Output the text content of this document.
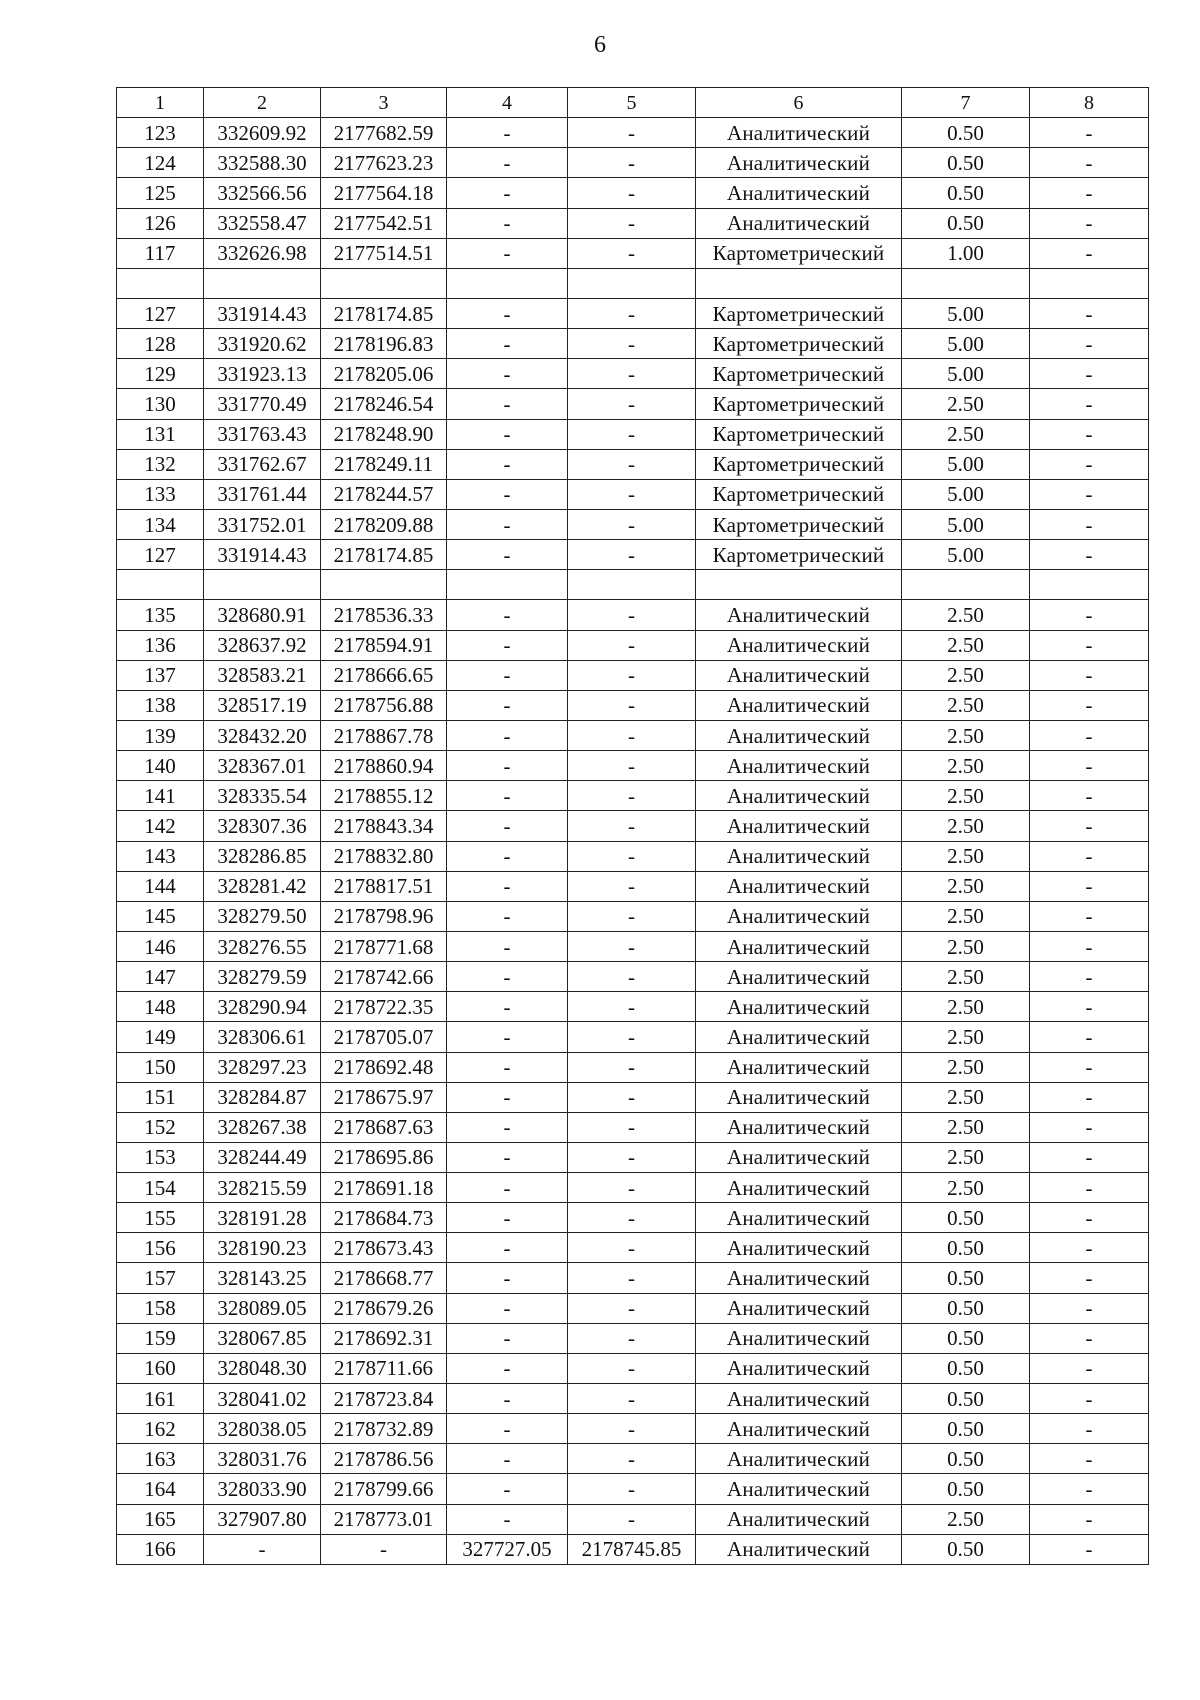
6
1	2	3	4	5	6	7	8
123	332609.92	2177682.59	-	-	Аналитический	0.50	-
124	332588.30	2177623.23	-	-	Аналитический	0.50	-
125	332566.56	2177564.18	-	-	Аналитический	0.50	-
126	332558.47	2177542.51	-	-	Аналитический	0.50	-
117	332626.98	2177514.51	-	-	Картометрический	1.00	-

127	331914.43	2178174.85	-	-	Картометрический	5.00	-
128	331920.62	2178196.83	-	-	Картометрический	5.00	-
129	331923.13	2178205.06	-	-	Картометрический	5.00	-
130	331770.49	2178246.54	-	-	Картометрический	2.50	-
131	331763.43	2178248.90	-	-	Картометрический	2.50	-
132	331762.67	2178249.11	-	-	Картометрический	5.00	-
133	331761.44	2178244.57	-	-	Картометрический	5.00	-
134	331752.01	2178209.88	-	-	Картометрический	5.00	-
127	331914.43	2178174.85	-	-	Картометрический	5.00	-

135	328680.91	2178536.33	-	-	Аналитический	2.50	-
136	328637.92	2178594.91	-	-	Аналитический	2.50	-
137	328583.21	2178666.65	-	-	Аналитический	2.50	-
138	328517.19	2178756.88	-	-	Аналитический	2.50	-
139	328432.20	2178867.78	-	-	Аналитический	2.50	-
140	328367.01	2178860.94	-	-	Аналитический	2.50	-
141	328335.54	2178855.12	-	-	Аналитический	2.50	-
142	328307.36	2178843.34	-	-	Аналитический	2.50	-
143	328286.85	2178832.80	-	-	Аналитический	2.50	-
144	328281.42	2178817.51	-	-	Аналитический	2.50	-
145	328279.50	2178798.96	-	-	Аналитический	2.50	-
146	328276.55	2178771.68	-	-	Аналитический	2.50	-
147	328279.59	2178742.66	-	-	Аналитический	2.50	-
148	328290.94	2178722.35	-	-	Аналитический	2.50	-
149	328306.61	2178705.07	-	-	Аналитический	2.50	-
150	328297.23	2178692.48	-	-	Аналитический	2.50	-
151	328284.87	2178675.97	-	-	Аналитический	2.50	-
152	328267.38	2178687.63	-	-	Аналитический	2.50	-
153	328244.49	2178695.86	-	-	Аналитический	2.50	-
154	328215.59	2178691.18	-	-	Аналитический	2.50	-
155	328191.28	2178684.73	-	-	Аналитический	0.50	-
156	328190.23	2178673.43	-	-	Аналитический	0.50	-
157	328143.25	2178668.77	-	-	Аналитический	0.50	-
158	328089.05	2178679.26	-	-	Аналитический	0.50	-
159	328067.85	2178692.31	-	-	Аналитический	0.50	-
160	328048.30	2178711.66	-	-	Аналитический	0.50	-
161	328041.02	2178723.84	-	-	Аналитический	0.50	-
162	328038.05	2178732.89	-	-	Аналитический	0.50	-
163	328031.76	2178786.56	-	-	Аналитический	0.50	-
164	328033.90	2178799.66	-	-	Аналитический	0.50	-
165	327907.80	2178773.01	-	-	Аналитический	2.50	-
166	-	-	327727.05	2178745.85	Аналитический	0.50	-
